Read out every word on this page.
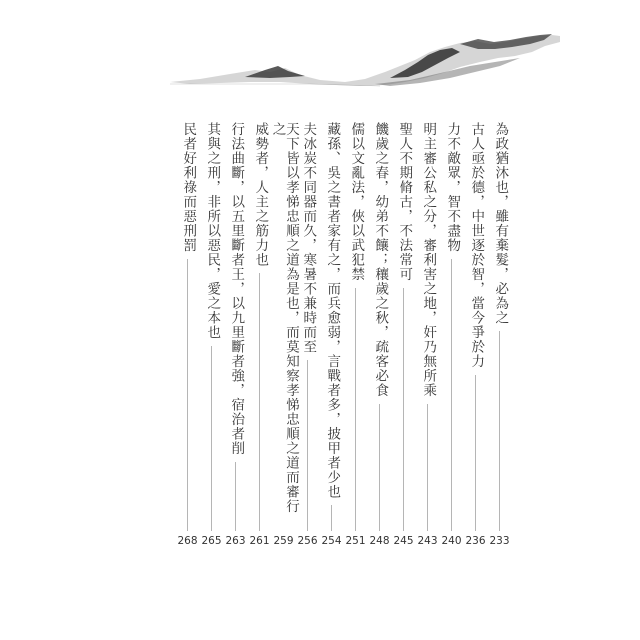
為政猶沐也，雖有棄髮，必為之
233
古人亟於德，中世逐於智，當今爭於力
236
力不敵眾，智不盡物
240
明主審公私之分，審利害之地，奸乃無所乘
243
聖人不期脩古，不法常可
245
饑歲之春，幼弟不饟；穰歲之秋，疏客必食
248
儒以文亂法，俠以武犯禁
251
藏孫、吳之書者家有之，而兵愈弱，言戰者多，披甲者少也
254
夫冰炭不同器而久，寒暑不兼時而至
256
天下皆以孝悌忠順之道為是也，而莫知察孝悌忠順之道而審行之
259
威勢者，人主之筋力也
261
行法曲斷，以五里斷者王，以九里斷者強，宿治者削
263
其與之刑，非所以惡民，愛之本也
265
民者好利祿而惡刑罰
268
